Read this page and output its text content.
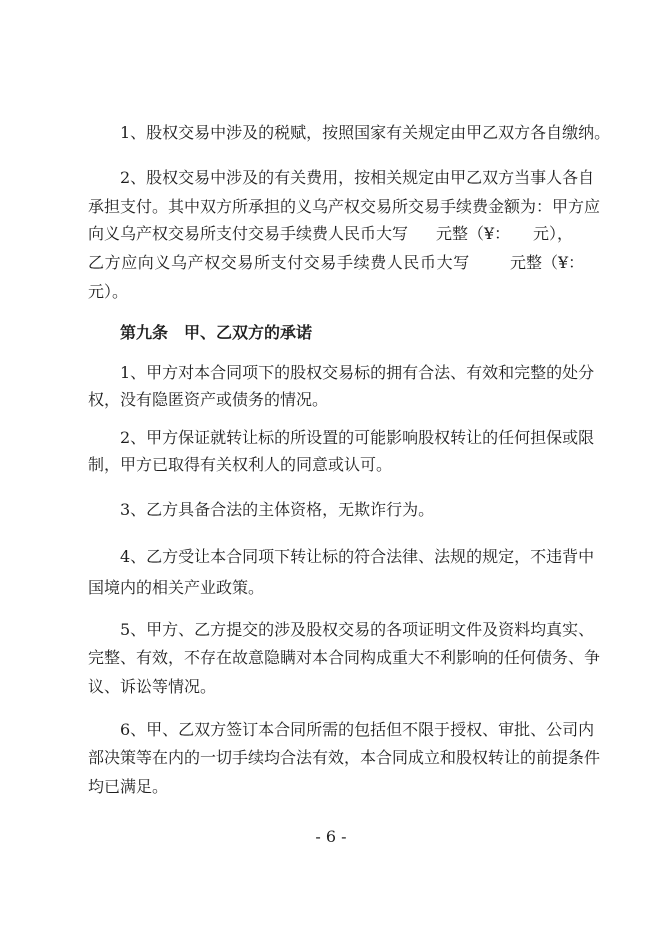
1、股权交易中涉及的税赋，按照国家有关规定由甲乙双方各自缴纳。
2、股权交易中涉及的有关费用，按相关规定由甲乙双方当事人各自
承担支付。其中双方所承担的义乌产权交易所交易手续费金额为：甲方应
向义乌产权交易所支付交易手续费人民币大写 元整（¥： 元），
乙方应向义乌产权交易所支付交易手续费人民币大写	元整（¥：
元）。
第九条　甲、乙双方的承诺
1、甲方对本合同项下的股权交易标的拥有合法、有效和完整的处分
权，没有隐匿资产或债务的情况。
2、甲方保证就转让标的所设置的可能影响股权转让的任何担保或限
制，甲方已取得有关权利人的同意或认可。
3、乙方具备合法的主体资格，无欺诈行为。
4、乙方受让本合同项下转让标的符合法律、法规的规定，不违背中
国境内的相关产业政策。
5、甲方、乙方提交的涉及股权交易的各项证明文件及资料均真实、
完整、有效，不存在故意隐瞒对本合同构成重大不利影响的任何债务、争
议、诉讼等情况。
6、甲、乙双方签订本合同所需的包括但不限于授权、审批、公司内
部决策等在内的一切手续均合法有效，本合同成立和股权转让的前提条件
均已满足。
- 6 -
